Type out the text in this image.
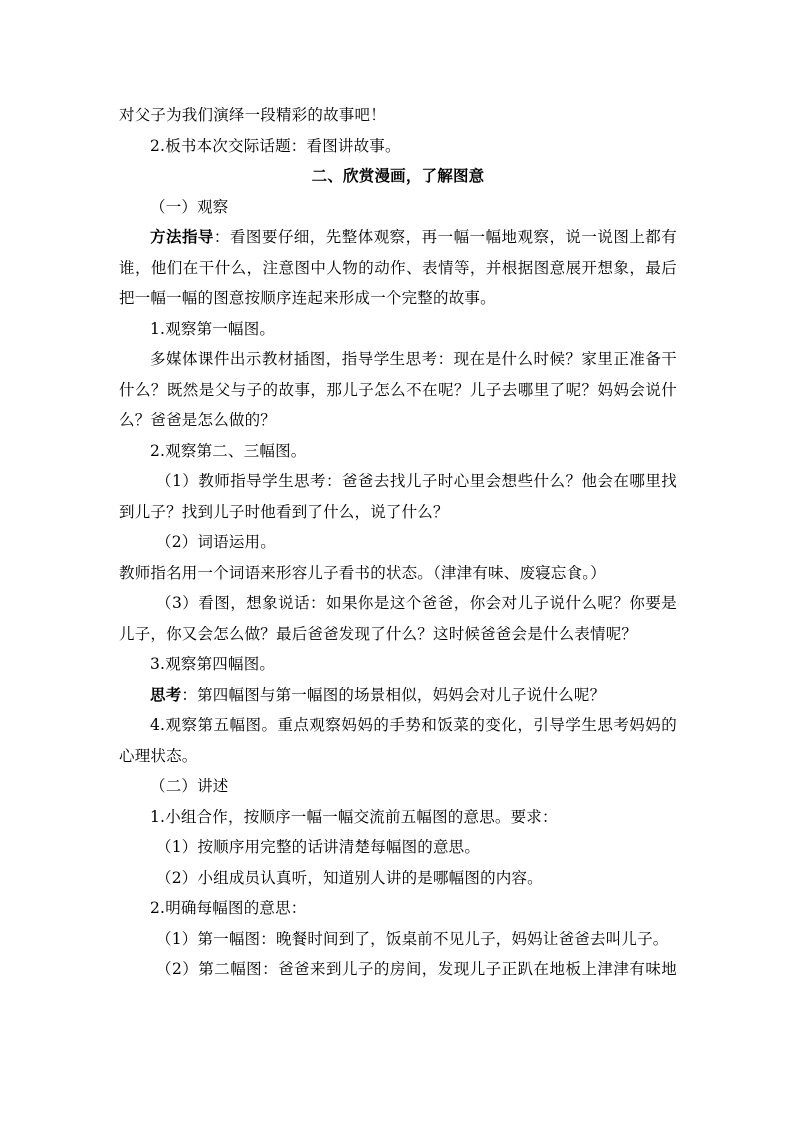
对父子为我们演绎一段精彩的故事吧！
2.板书本次交际话题：看图讲故事。
二、欣赏漫画，了解图意
（一）观察
方法指导：看图要仔细，先整体观察，再一幅一幅地观察，说一说图上都有
谁，他们在干什么，注意图中人物的动作、表情等，并根据图意展开想象，最后
把一幅一幅的图意按顺序连起来形成一个完整的故事。
1.观察第一幅图。
多媒体课件出示教材插图，指导学生思考：现在是什么时候？家里正准备干
什么？既然是父与子的故事，那儿子怎么不在呢？儿子去哪里了呢？妈妈会说什
么？爸爸是怎么做的？
2.观察第二、三幅图。
（1）教师指导学生思考：爸爸去找儿子时心里会想些什么？他会在哪里找
到儿子？找到儿子时他看到了什么，说了什么？
（2）词语运用。
教师指名用一个词语来形容儿子看书的状态。（津津有味、废寝忘食。）
（3）看图，想象说话：如果你是这个爸爸，你会对儿子说什么呢？你要是
儿子，你又会怎么做？最后爸爸发现了什么？这时候爸爸会是什么表情呢？
3.观察第四幅图。
思考：第四幅图与第一幅图的场景相似，妈妈会对儿子说什么呢？
4.观察第五幅图。重点观察妈妈的手势和饭菜的变化，引导学生思考妈妈的
心理状态。
（二）讲述
1.小组合作，按顺序一幅一幅交流前五幅图的意思。要求：
（1）按顺序用完整的话讲清楚每幅图的意思。
（2）小组成员认真听，知道别人讲的是哪幅图的内容。
2.明确每幅图的意思：
（1）第一幅图：晚餐时间到了，饭桌前不见儿子，妈妈让爸爸去叫儿子。
（2）第二幅图：爸爸来到儿子的房间，发现儿子正趴在地板上津津有味地
